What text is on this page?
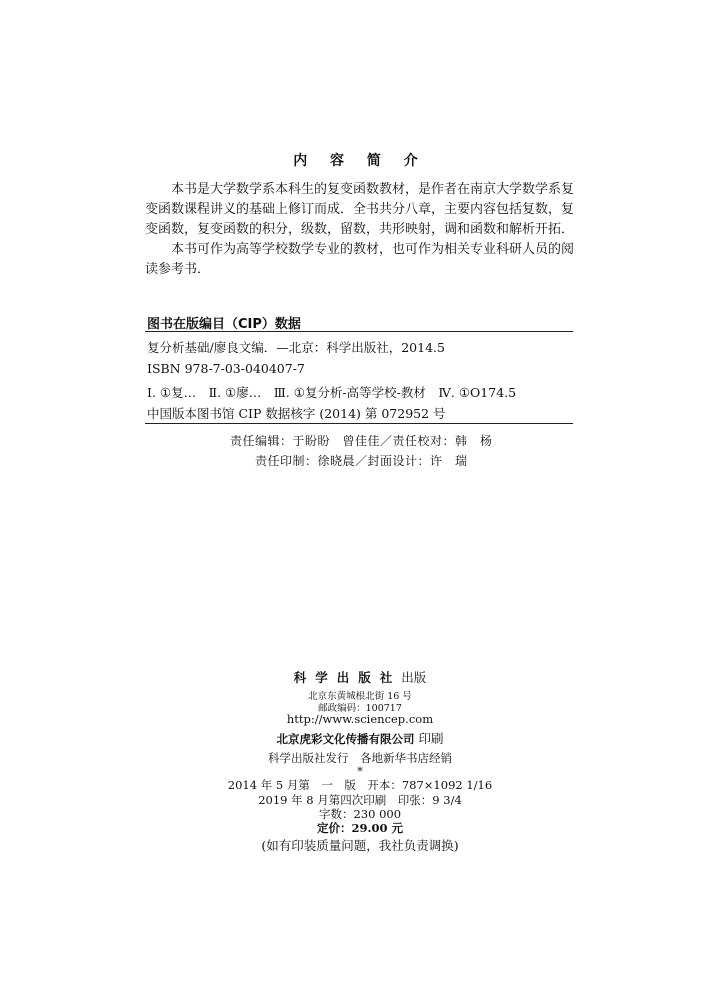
内 容 简 介
本书是大学数学系本科生的复变函数教材，是作者在南京大学数学系复变函数课程讲义的基础上修订而成．全书共分八章，主要内容包括复数，复变函数，复变函数的积分，级数，留数，共形映射，调和函数和解析开拓．
本书可作为高等学校数学专业的教材，也可作为相关专业科研人员的阅读参考书．
图书在版编目（CIP）数据
复分析基础/廖良文编．—北京：科学出版社，2014.5
ISBN 978-7-03-040407-7
Ⅰ. ①复…　Ⅱ. ①廖…　Ⅲ. ①复分析-高等学校-教材　Ⅳ. ①O174.5
中国版本图书馆 CIP 数据核字 (2014) 第 072952 号
责任编辑：于盼盼　曾佳佳／责任校对：韩　杨
责任印制：徐晓晨／封面设计：许　瑞
科学出版社出版
北京东黄城根北街 16 号
邮政编码：100717
http://www.sciencep.com
北京虎彩文化传播有限公司 印刷
科学出版社发行　各地新华书店经销
*
2014 年 5 月第　一　版　开本：787×1092 1/16
2019 年 8 月第四次印刷　印张：9 3/4
字数：230 000
定价：29.00 元
(如有印装质量问题，我社负责调换)
